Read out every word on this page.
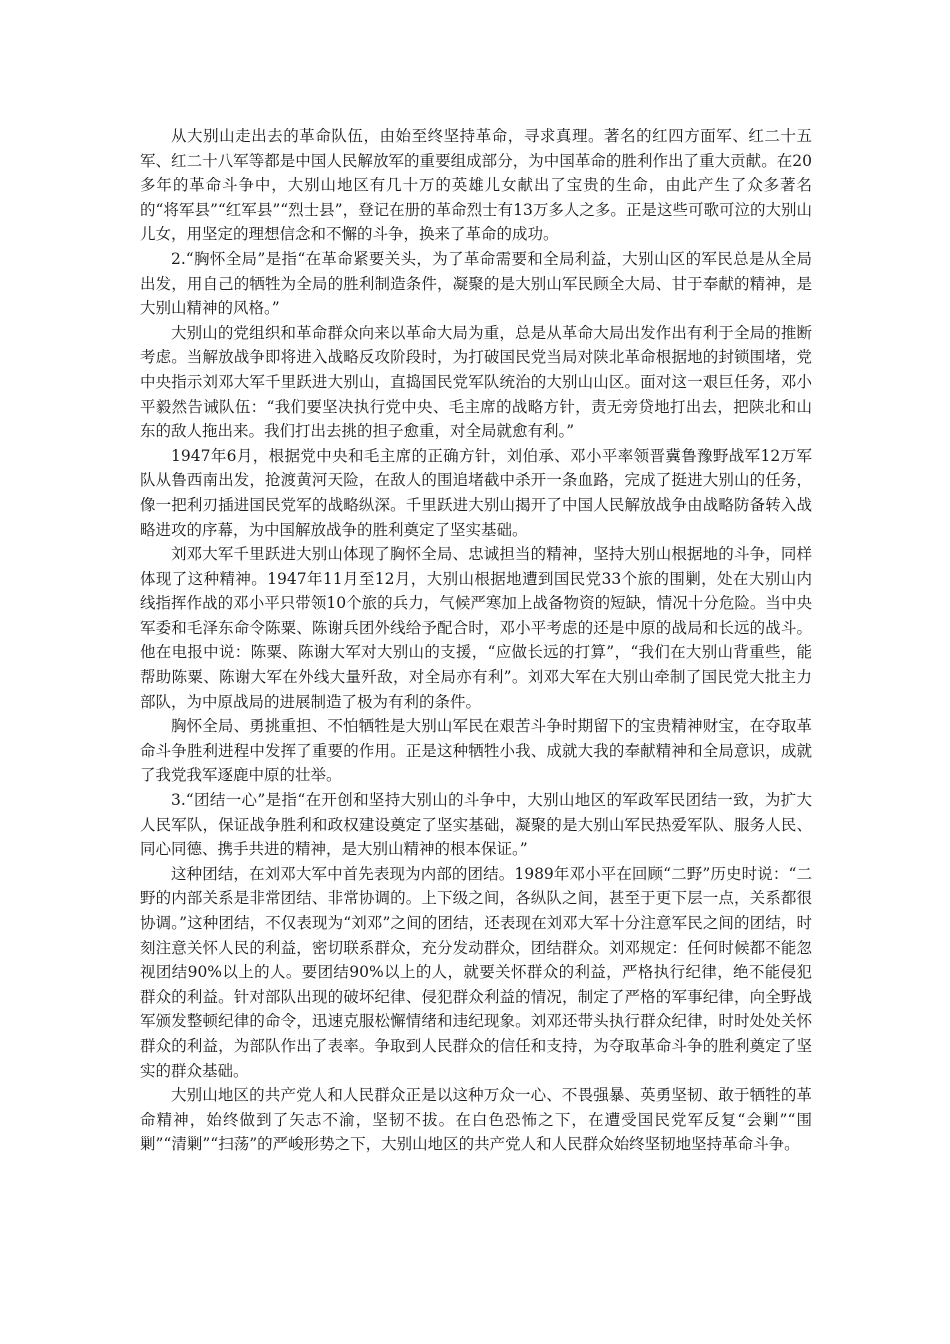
从大别山走出去的革命队伍，由始至终坚持革命，寻求真理。著名的红四方面军、红二十五军、红二十八军等都是中国人民解放军的重要组成部分，为中国革命的胜利作出了重大贡献。在20多年的革命斗争中，大别山地区有几十万的英雄儿女献出了宝贵的生命，由此产生了众多著名的“将军县”“红军县”“烈士县”，登记在册的革命烈士有13万多人之多。正是这些可歌可泣的大别山儿女，用坚定的理想信念和不懈的斗争，换来了革命的成功。

2.“胸怀全局”是指“在革命紧要关头，为了革命需要和全局利益，大别山区的军民总是从全局出发，用自己的牺牲为全局的胜利制造条件，凝聚的是大别山军民顾全大局、甘于奉献的精神，是大别山精神的风格。”

大别山的党组织和革命群众向来以革命大局为重，总是从革命大局出发作出有利于全局的推断考虑。当解放战争即将进入战略反攻阶段时，为打破国民党当局对陕北革命根据地的封锁围堵，党中央指示刘邓大军千里跃进大别山，直捣国民党军队统治的大别山山区。面对这一艰巨任务，邓小平毅然告诫队伍：“我们要坚决执行党中央、毛主席的战略方针，责无旁贷地打出去，把陕北和山东的敌人拖出来。我们打出去挑的担子愈重，对全局就愈有利。”

1947年6月，根据党中央和毛主席的正确方针，刘伯承、邓小平率领晋冀鲁豫野战军12万军队从鲁西南出发，抢渡黄河天险，在敌人的围追堵截中杀开一条血路，完成了挺进大别山的任务，像一把利刃插进国民党军的战略纵深。千里跃进大别山揭开了中国人民解放战争由战略防备转入战略进攻的序幕，为中国解放战争的胜利奠定了坚实基础。

刘邓大军千里跃进大别山体现了胸怀全局、忠诚担当的精神，坚持大别山根据地的斗争，同样体现了这种精神。1947年11月至12月，大别山根据地遭到国民党33个旅的围剿，处在大别山内线指挥作战的邓小平只带领10个旅的兵力，气候严寒加上战备物资的短缺，情况十分危险。当中央军委和毛泽东命令陈粟、陈谢兵团外线给予配合时，邓小平考虑的还是中原的战局和长远的战斗。他在电报中说：陈粟、陈谢大军对大别山的支援，“应做长远的打算”，“我们在大别山背重些，能帮助陈粟、陈谢大军在外线大量歼敌，对全局亦有利”。刘邓大军在大别山牵制了国民党大批主力部队，为中原战局的进展制造了极为有利的条件。

胸怀全局、勇挑重担、不怕牺牲是大别山军民在艰苦斗争时期留下的宝贵精神财宝，在夺取革命斗争胜利进程中发挥了重要的作用。正是这种牺牲小我、成就大我的奉献精神和全局意识，成就了我党我军逐鹿中原的壮举。

3.“团结一心”是指“在开创和坚持大别山的斗争中，大别山地区的军政军民团结一致，为扩大人民军队，保证战争胜利和政权建设奠定了坚实基础，凝聚的是大别山军民热爱军队、服务人民、同心同德、携手共进的精神，是大别山精神的根本保证。”

这种团结，在刘邓大军中首先表现为内部的团结。1989年邓小平在回顾“二野”历史时说：“二野的内部关系是非常团结、非常协调的。上下级之间，各纵队之间，甚至于更下层一点，关系都很协调。”这种团结，不仅表现为“刘邓”之间的团结，还表现在刘邓大军十分注意军民之间的团结，时刻注意关怀人民的利益，密切联系群众，充分发动群众，团结群众。刘邓规定：任何时候都不能忽视团结90%以上的人。要团结90%以上的人，就要关怀群众的利益，严格执行纪律，绝不能侵犯群众的利益。针对部队出现的破坏纪律、侵犯群众利益的情况，制定了严格的军事纪律，向全野战军颁发整顿纪律的命令，迅速克服松懈情绪和违纪现象。刘邓还带头执行群众纪律，时时处处关怀群众的利益，为部队作出了表率。争取到人民群众的信任和支持，为夺取革命斗争的胜利奠定了坚实的群众基础。

大别山地区的共产党人和人民群众正是以这种万众一心、不畏强暴、英勇坚韧、敢于牺牲的革命精神，始终做到了矢志不渝，坚韧不拔。在白色恐怖之下，在遭受国民党军反复“会剿”“围剿”“清剿”“扫荡”的严峻形势之下，大别山地区的共产党人和人民群众始终坚韧地坚持革命斗争。
